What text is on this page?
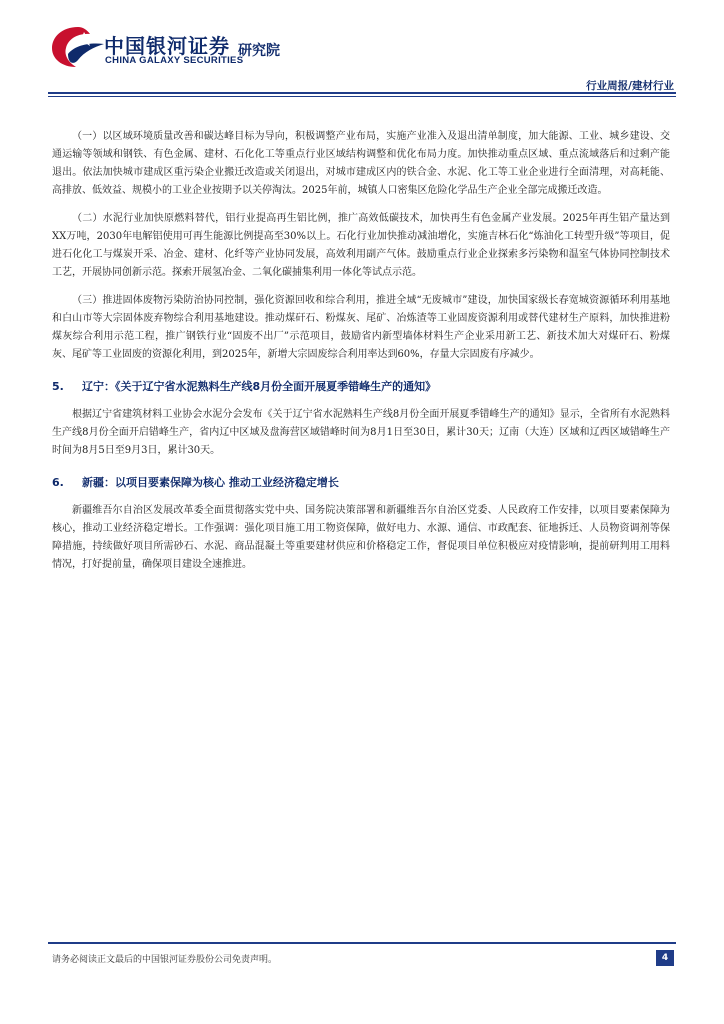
中国银河证券
CHINA GALAXY SECURITIES
研究院
行业周报/建材行业

（一）以区域环境质量改善和碳达峰目标为导向，积极调整产业布局，实施产业准入及退出清单制度，加大能源、工业、城乡建设、交通运输等领域和钢铁、有色金属、建材、石化化工等重点行业区域结构调整和优化布局力度。加快推动重点区域、重点流域落后和过剩产能退出。依法加快城市建成区重污染企业搬迁改造或关闭退出，对城市建成区内的铁合金、水泥、化工等工业企业进行全面清理，对高耗能、高排放、低效益、规模小的工业企业按期予以关停淘汰。2025年前，城镇人口密集区危险化学品生产企业全部完成搬迁改造。

（二）水泥行业加快原燃料替代，铝行业提高再生铝比例，推广高效低碳技术，加快再生有色金属产业发展。2025年再生铝产量达到XX万吨，2030年电解铝使用可再生能源比例提高至30%以上。石化行业加快推动减油增化，实施吉林石化“炼油化工转型升级”等项目，促进石化化工与煤炭开采、冶金、建材、化纤等产业协同发展，高效利用副产气体。鼓励重点行业企业探索多污染物和温室气体协同控制技术工艺，开展协同创新示范。探索开展氢冶金、二氧化碳捕集利用一体化等试点示范。

（三）推进固体废物污染防治协同控制，强化资源回收和综合利用，推进全域“无废城市”建设，加快国家级长春宽城资源循环利用基地和白山市等大宗固体废弃物综合利用基地建设。推动煤矸石、粉煤灰、尾矿、冶炼渣等工业固废资源利用或替代建材生产原料，加快推进粉煤灰综合利用示范工程，推广钢铁行业“固废不出厂”示范项目，鼓励省内新型墙体材料生产企业采用新工艺、新技术加大对煤矸石、粉煤灰、尾矿等工业固废的资源化利用，到2025年，新增大宗固废综合利用率达到60%，存量大宗固废有序减少。

5.	辽宁：《关于辽宁省水泥熟料生产线8月份全面开展夏季错峰生产的通知》

根据辽宁省建筑材料工业协会水泥分会发布《关于辽宁省水泥熟料生产线8月份全面开展夏季错峰生产的通知》显示，全省所有水泥熟料生产线8月份全面开启错峰生产，省内辽中区域及盘海营区域错峰时间为8月1日至30日，累计30天；辽南（大连）区域和辽西区域错峰生产时间为8月5日至9月3日，累计30天。

6.	新疆：以项目要素保障为核心 推动工业经济稳定增长

新疆维吾尔自治区发展改革委全面贯彻落实党中央、国务院决策部署和新疆维吾尔自治区党委、人民政府工作安排，以项目要素保障为核心，推动工业经济稳定增长。工作强调：强化项目施工用工物资保障，做好电力、水源、通信、市政配套、征地拆迁、人员物资调剂等保障措施，持续做好项目所需砂石、水泥、商品混凝土等重要建材供应和价格稳定工作，督促项目单位积极应对疫情影响，提前研判用工用料情况，打好提前量，确保项目建设全速推进。

请务必阅读正文最后的中国银河证券股份公司免责声明。	4
